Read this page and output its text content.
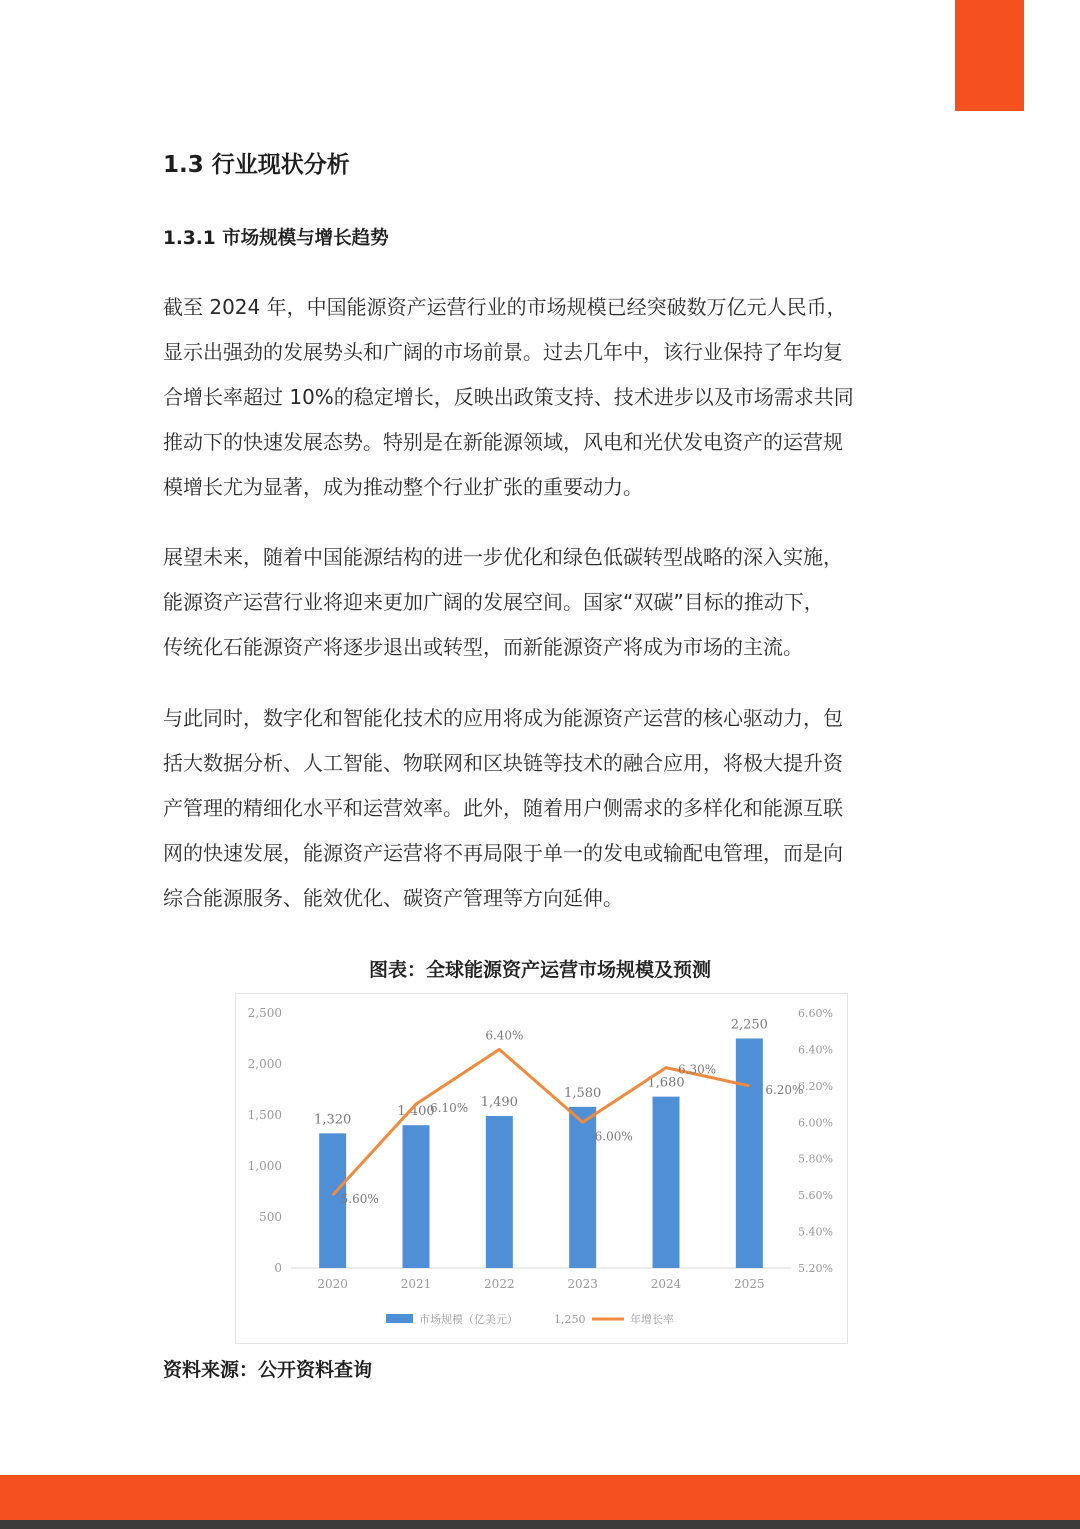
1.3 行业现状分析
1.3.1 市场规模与增长趋势
截至 2024 年，中国能源资产运营行业的市场规模已经突破数万亿元人民币，
显示出强劲的发展势头和广阔的市场前景。过去几年中，该行业保持了年均复
合增长率超过 10%的稳定增长，反映出政策支持、技术进步以及市场需求共同
推动下的快速发展态势。特别是在新能源领域，风电和光伏发电资产的运营规
模增长尤为显著，成为推动整个行业扩张的重要动力。
展望未来，随着中国能源结构的进一步优化和绿色低碳转型战略的深入实施，
能源资产运营行业将迎来更加广阔的发展空间。国家“双碳”目标的推动下，
传统化石能源资产将逐步退出或转型，而新能源资产将成为市场的主流。
与此同时，数字化和智能化技术的应用将成为能源资产运营的核心驱动力，包
括大数据分析、人工智能、物联网和区块链等技术的融合应用，将极大提升资
产管理的精细化水平和运营效率。此外，随着用户侧需求的多样化和能源互联
网的快速发展，能源资产运营将不再局限于单一的发电或输配电管理，而是向
综合能源服务、能效优化、碳资产管理等方向延伸。
图表：全球能源资产运营市场规模及预测
0
500
1,000
1,500
2,000
2,500
5.20%
5.40%
5.60%
5.80%
6.00%
6.20%
6.40%
6.60%
2020	2021	2022	2023	2024	2025
1,320
1,400
1,490
1,580
1,680
2,250
5.60%
6.10%
6.40%
6.00%
6.30%
6.20%
市场规模（亿美元）	1,250	年增长率
资料来源：公开资料查询
